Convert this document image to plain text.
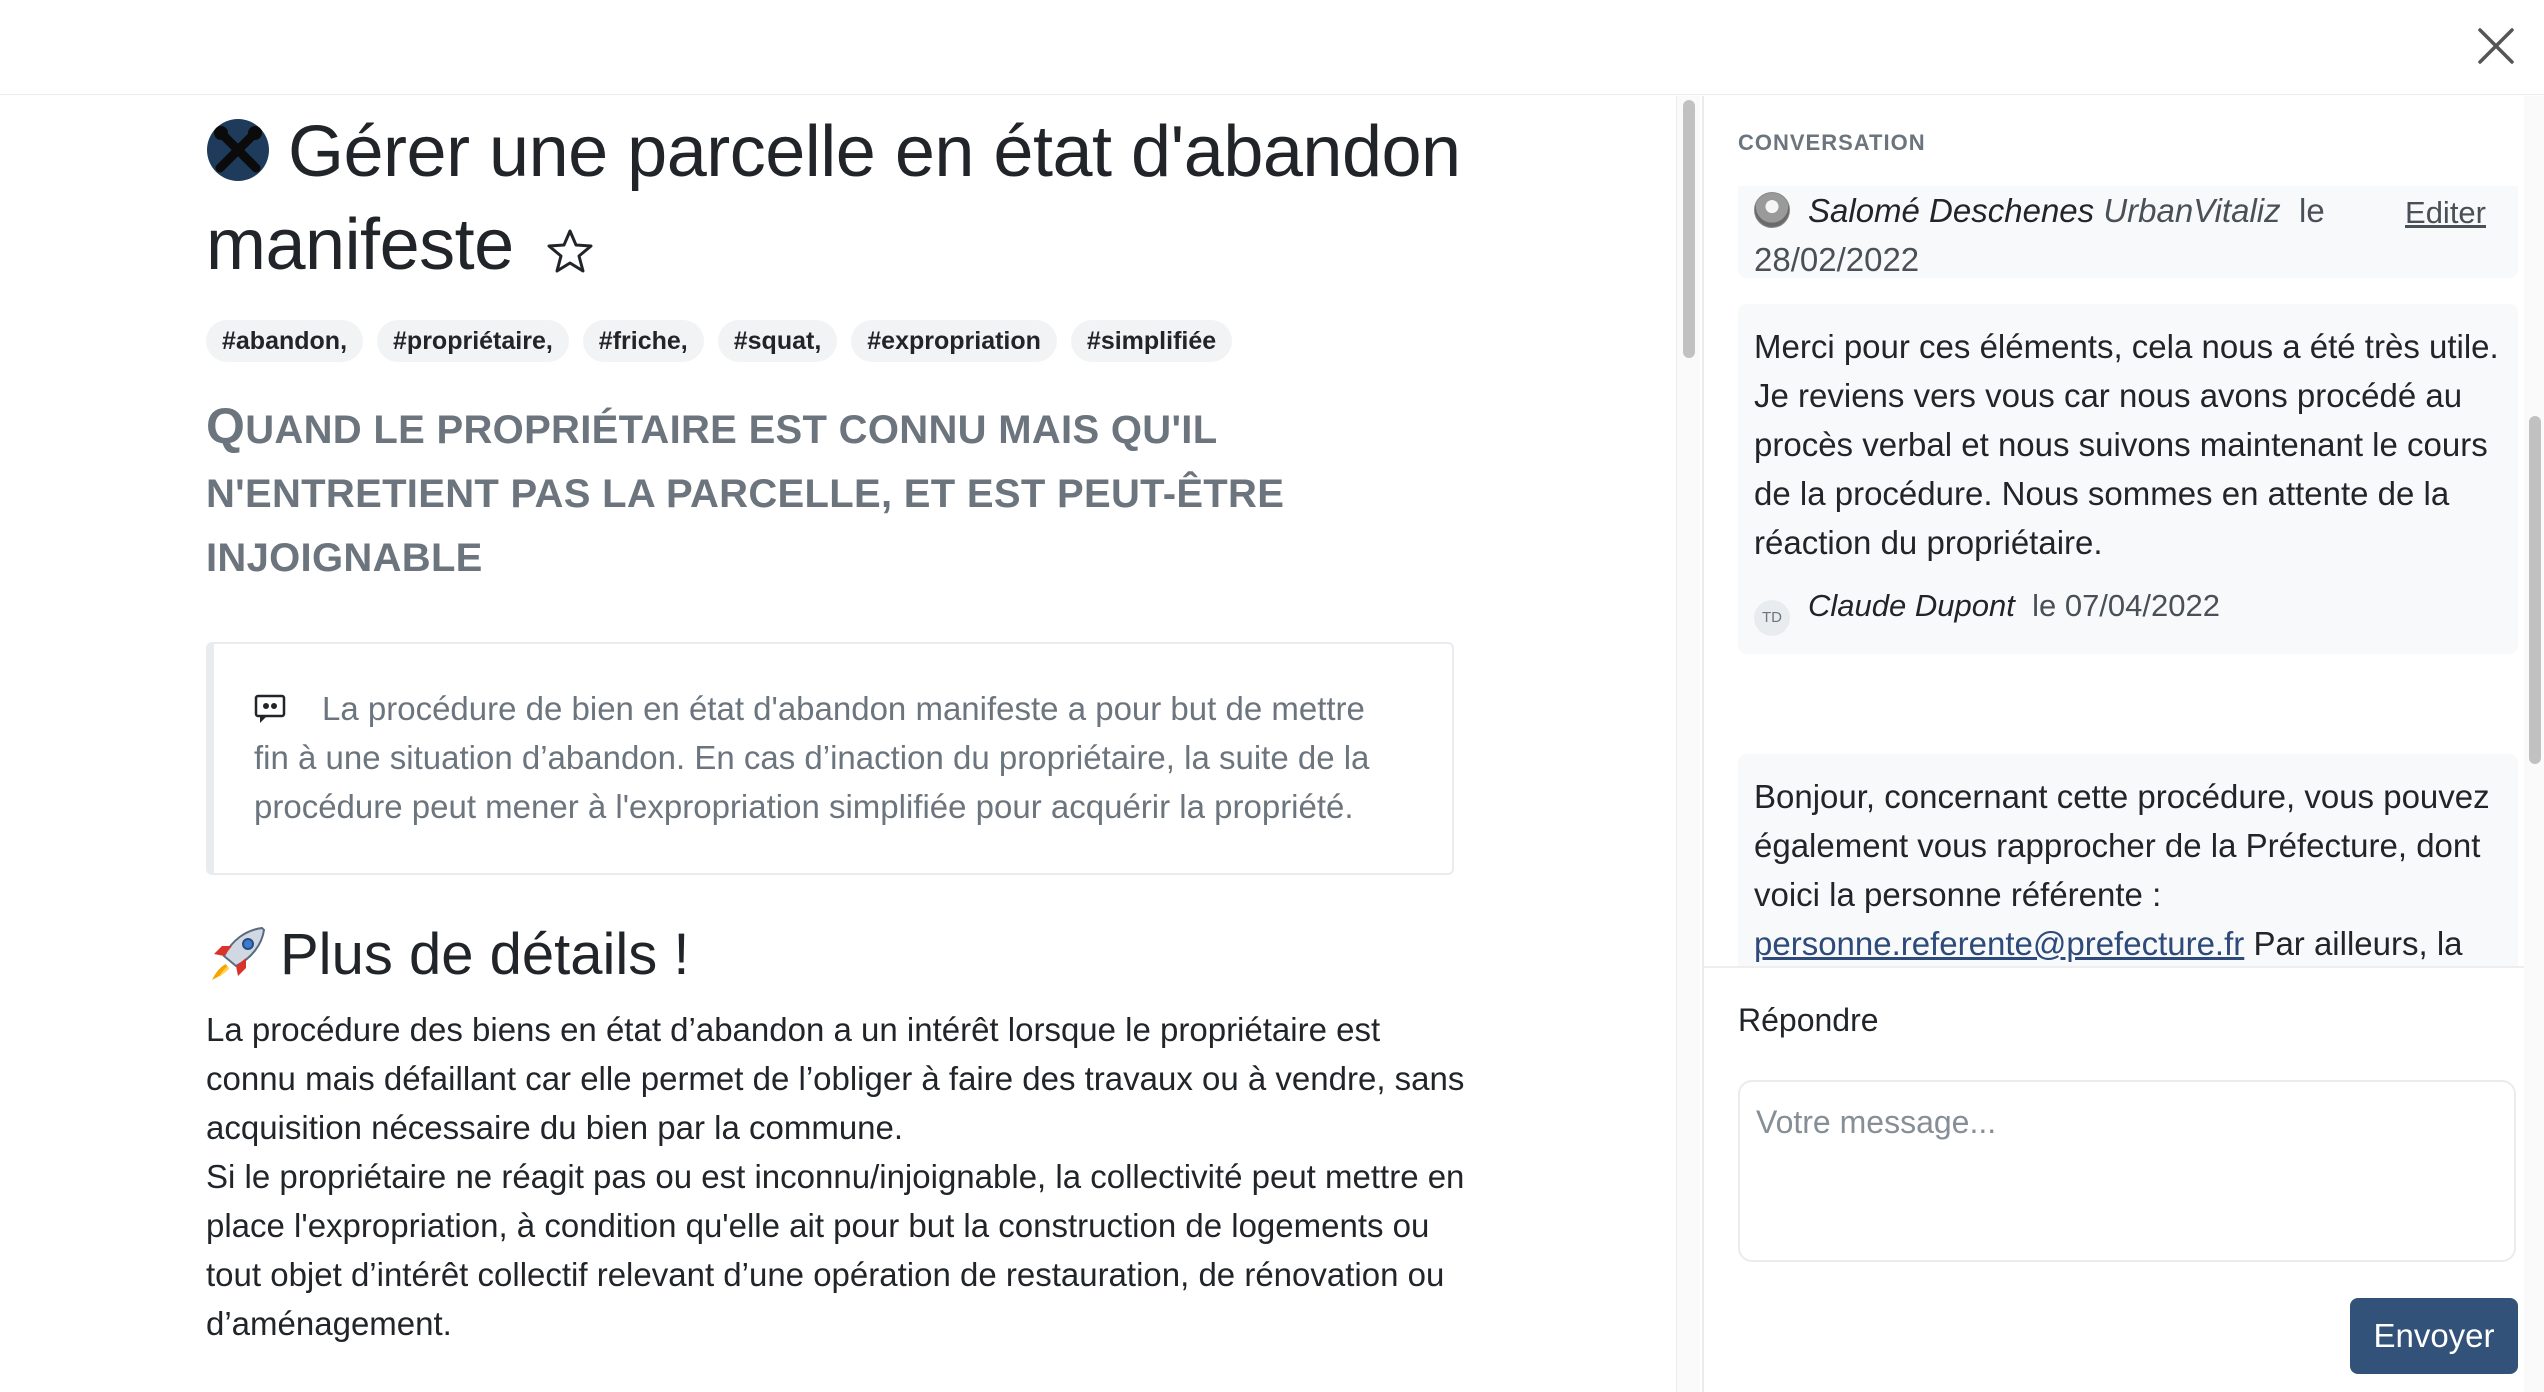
Gérer une parcelle en état d'abandon manifeste
#abandon,	#propriétaire,	#friche,	#squat,	#expropriation	#simplifiée
QUAND LE PROPRIÉTAIRE EST CONNU MAIS QU'IL N'ENTRETIENT PAS LA PARCELLE, ET EST PEUT-ÊTRE INJOIGNABLE
La procédure de bien en état d'abandon manifeste a pour but de mettre fin à une situation d’abandon. En cas d’inaction du propriétaire, la suite de la procédure peut mener à l'expropriation simplifiée pour acquérir la propriété.
Plus de détails !

La procédure des biens en état d’abandon a un intérêt lorsque le propriétaire est connu mais défaillant car elle permet de l’obliger à faire des travaux ou à vendre, sans acquisition nécessaire du bien par la commune.

Si le propriétaire ne réagit pas ou est inconnu/injoignable, la collectivité peut mettre en place l'expropriation, à condition qu'elle ait pour but la construction de logements ou tout objet d’intérêt collectif relevant d’une opération de restauration, de rénovation ou d’aménagement.

CONVERSATION
Salomé Deschenes UrbanVitaliz le
28/02/2022
Editer
Merci pour ces éléments, cela nous a été très utile. Je reviens vers vous car nous avons procédé au procès verbal et nous suivons maintenant le cours de la procédure. Nous sommes en attente de la réaction du propriétaire.
TD Claude Dupont le 07/04/2022
Bonjour, concernant cette procédure, vous pouvez également vous rapprocher de la Préfecture, dont voici la personne référente : personne.referente@prefecture.fr Par ailleurs, la
Répondre
Votre message...
Envoyer
